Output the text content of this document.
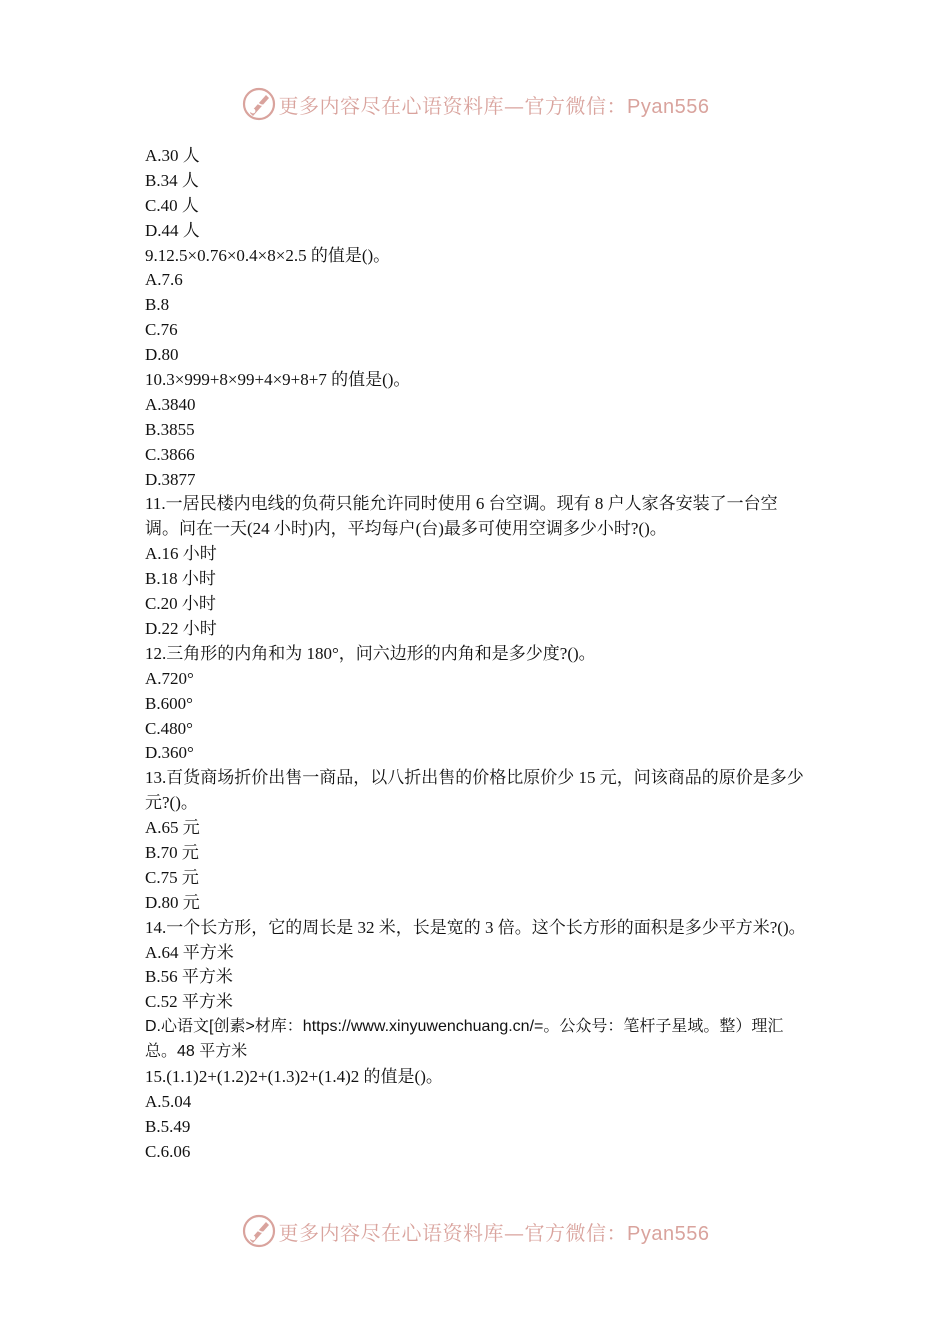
更多内容尽在心语资料库—官方微信：Pyan556
A.30 人
B.34 人
C.40 人
D.44 人
9.12.5×0.76×0.4×8×2.5 的值是()。
A.7.6
B.8
C.76
D.80
10.3×999+8×99+4×9+8+7 的值是()。
A.3840
B.3855
C.3866
D.3877
11.一居民楼内电线的负荷只能允许同时使用 6 台空调。现有 8 户人家各安装了一台空调。问在一天(24 小时)内，平均每户(台)最多可使用空调多少小时?()。
A.16 小时
B.18 小时
C.20 小时
D.22 小时
12.三角形的内角和为 180°，问六边形的内角和是多少度?()。
A.720°
B.600°
C.480°
D.360°
13.百货商场折价出售一商品，以八折出售的价格比原价少 15 元，问该商品的原价是多少元?()。
A.65 元
B.70 元
C.75 元
D.80 元
14.一个长方形，它的周长是 32 米，长是宽的 3 倍。这个长方形的面积是多少平方米?()。
A.64 平方米
B.56 平方米
C.52 平方米
D.心语文[创素>材库：https://www.xinyuwenchuang.cn/=。公众号：笔杆子星域。整）理汇总。48 平方米
15.(1.1)2+(1.2)2+(1.3)2+(1.4)2 的值是()。
A.5.04
B.5.49
C.6.06
更多内容尽在心语资料库—官方微信：Pyan556
